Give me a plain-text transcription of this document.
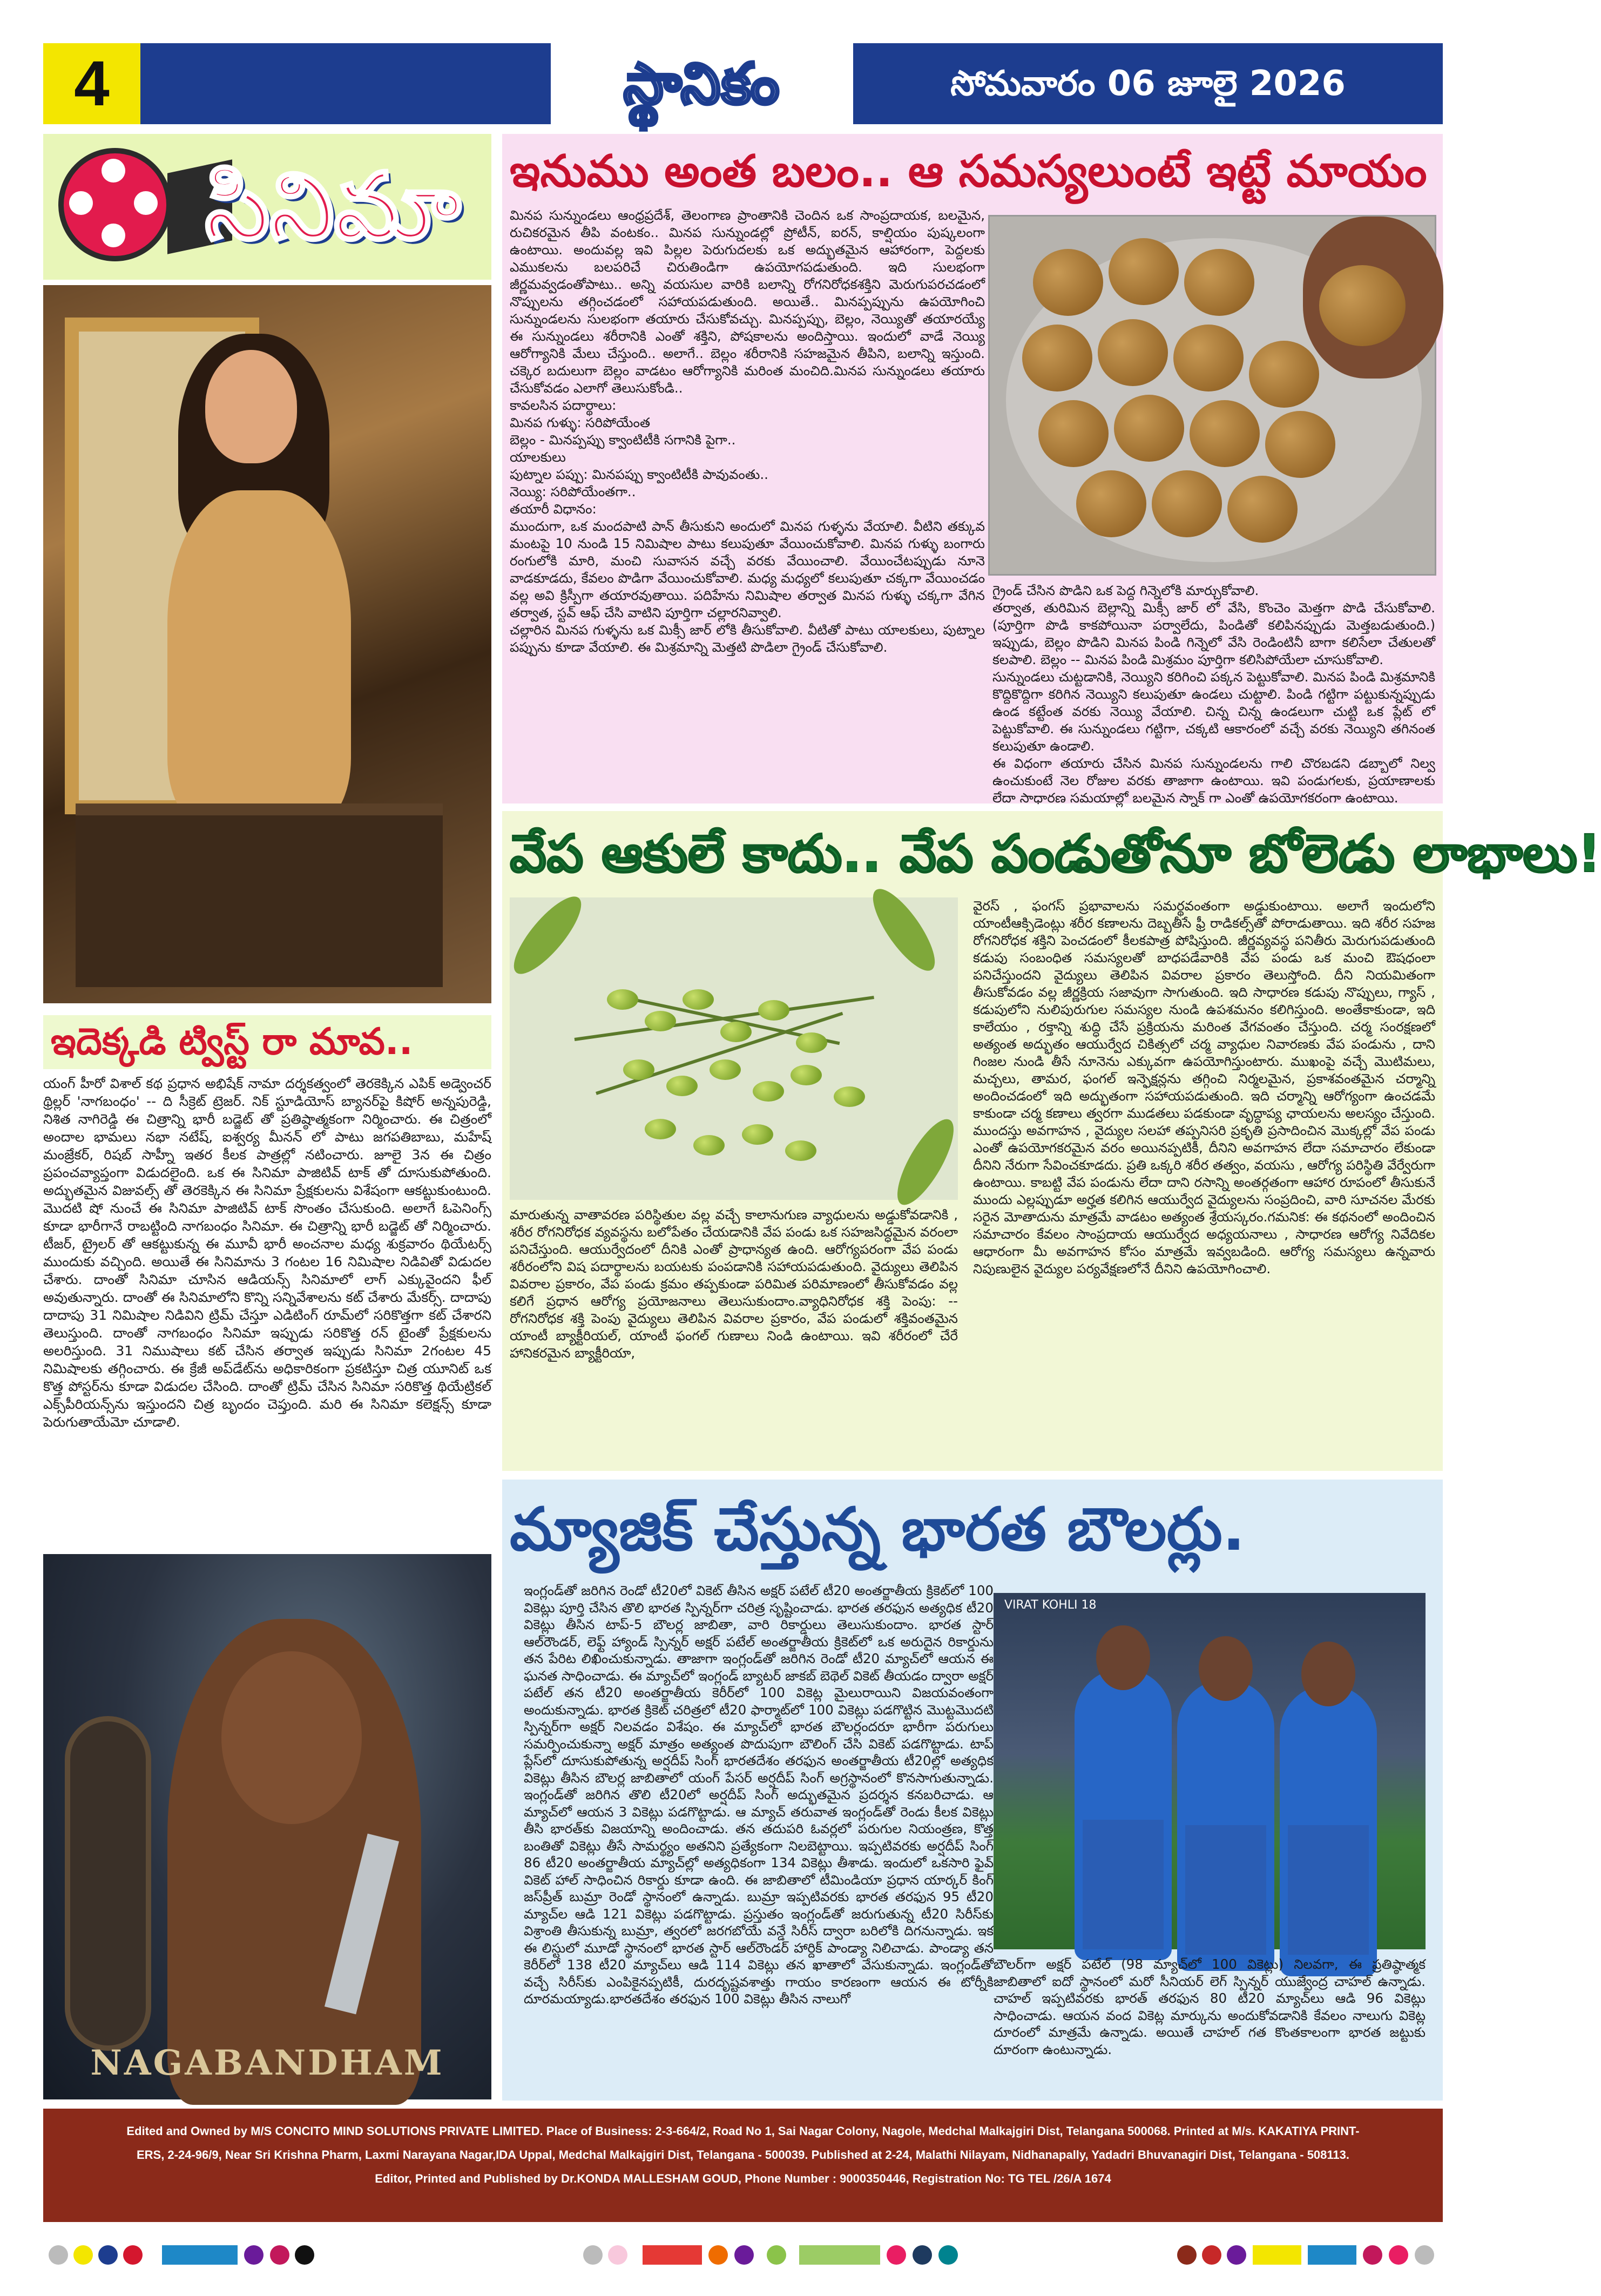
4	స్థానికం	సోమవారం 06 జూలై 2026
సినిమా
ఇదెక్కడి ట్విస్ట్ రా మావ..
యంగ్ హీరో విశాల్ కథ ప్రధాన అభిషేక్ నామా దర్శకత్వంలో తెరకెక్కిన ఎపిక్ అడ్వెంచర్ థ్రిల్లర్ 'నాగబంధం' -- ది సీక్రెట్ ట్రెజర్. నిక్ స్టూడియోస్ బ్యానర్‌పై కిషోర్ అన్నపురెడ్డి, నిశిత నాగిరెడ్డి ఈ చిత్రాన్ని భారీ బడ్జెట్ తో ప్రతిష్ఠాత్మకంగా నిర్మించారు. ఈ చిత్రంలో అందాల భామలు నభా నటేష్, ఐశ్వర్య మీనన్ లో పాటు జగపతిబాబు, మహేష్ మంజ్రేకర్, రిషబ్ సాహ్నీ ఇతర కీలక పాత్రల్లో నటించారు. జూలై 3న ఈ చిత్రం ప్రపంచవ్యాప్తంగా విడుదలైంది. ఒక ఈ సినిమా పాజిటివ్ టాక్ తో దూసుకుపోతుంది. అద్భుతమైన విజువల్స్ తో తెరకెక్కిన ఈ సినిమా ప్రేక్షకులను విశేషంగా ఆకట్టుకుంటుంది. మొదటి షో నుంచే ఈ సినిమా పాజిటివ్ టాక్ సొంతం చేసుకుంది. అలాగే ఓపెనింగ్స్ కూడా భారీగానే రాబట్టింది నాగబంధం సినిమా. ఈ చిత్రాన్ని భారీ బడ్జెట్ తో నిర్మించారు. టీజర్, ట్రైలర్ తో ఆకట్టుకున్న ఈ మూవీ భారీ అంచనాల మధ్య శుక్రవారం థియేటర్స్ ముందుకు వచ్చింది. అయితే ఈ సినిమాను 3 గంటల 16 నిమిషాల నిడివితో విడుదల చేశారు. దాంతో సినిమా చూసిన ఆడియన్స్ సినిమాలో లాగ్ ఎక్కువైందని ఫీల్ అవుతున్నారు. దాంతో ఈ సినిమాలోని కొన్ని సన్నివేశాలను కట్ చేశారు మేకర్స్. దాదాపు దాదాపు 31 నిమిషాల నిడివిని ట్రిమ్ చేస్తూ ఎడిటింగ్ రూమ్‌లో సరికొత్తగా కట్ చేశారని తెలుస్తుంది. దాంతో నాగబంధం సినిమా ఇప్పుడు సరికొత్త రన్ టైంతో ప్రేక్షకులను అలరిస్తుంది. 31 నిముషాలు కట్ చేసిన తర్వాత ఇప్పుడు సినిమా 2గంటల 45 నిమిషాలకు తగ్గించారు. ఈ క్రేజీ అప్‌డేట్‌ను అధికారికంగా ప్రకటిస్తూ చిత్ర యూనిట్ ఒక కొత్త పోస్టర్‌ను కూడా విడుదల చేసింది. దాంతో ట్రిమ్ చేసిన సినిమా సరికొత్త థియేట్రికల్ ఎక్స్‌పీరియన్స్‌ను ఇస్తుందని చిత్ర బృందం చెప్తుంది. మరి ఈ సినిమా కలెక్షన్స్ కూడా పెరుగుతాయేమో చూడాలి.
NAGABANDHAM
ఇనుము అంత బలం.. ఆ సమస్యలుంటే ఇట్టే మాయం
మినప సున్నుండలు ఆంధ్రప్రదేశ్, తెలంగాణ ప్రాంతానికి చెందిన ఒక సాంప్రదాయక, బలమైన, రుచికరమైన తీపి వంటకం.. మినప సున్నుండల్లో ప్రోటీన్, ఐరన్, కాల్షియం పుష్కలంగా ఉంటాయి. అందువల్ల ఇవి పిల్లల పెరుగుదలకు ఒక అద్భుతమైన ఆహారంగా, పెద్దలకు ఎముకలను బలపరిచే చిరుతిండిగా ఉపయోగపడుతుంది. ఇది సులభంగా జీర్ణమవ్వడంతోపాటు.. అన్ని వయసుల వారికి బలాన్ని రోగనిరోధకశక్తిని మెరుగుపరచడంలో నొప్పులను తగ్గించడంలో సహాయపడుతుంది. అయితే.. మినప్పప్పును ఉపయోగించి సున్నుండలను సులభంగా తయారు చేసుకోవచ్చు. మినప్పప్పు, బెల్లం, నెయ్యితో తయారయ్యే ఈ సున్నుండలు శరీరానికి ఎంతో శక్తిని, పోషకాలను అందిస్తాయి. ఇందులో వాడే నెయ్యి ఆరోగ్యానికి మేలు చేస్తుంది.. అలాగే.. బెల్లం శరీరానికి సహజమైన తీపిని, బలాన్ని ఇస్తుంది. చక్కెర బదులుగా బెల్లం వాడటం ఆరోగ్యానికి మరింత మంచిది.మినప సున్నుండలు తయారు చేసుకోవడం ఎలాగో తెలుసుకోండి..
కావలసిన పదార్థాలు:
మినప గుళ్ళు: సరిపోయేంత
బెల్లం - మినప్పప్పు క్వాంటిటీకి సగానికి పైగా..
యాలకులు
పుట్నాల పప్పు: మినపప్పు క్వాంటిటీకి పావువంతు..
నెయ్యి: సరిపోయేంతగా..
తయారీ విధానం:
ముందుగా, ఒక మందపాటి పాన్ తీసుకుని అందులో మినప గుళ్ళను వేయాలి. వీటిని తక్కువ మంటపై 10 నుండి 15 నిమిషాల పాటు కలుపుతూ వేయించుకోవాలి. మినప గుళ్ళు బంగారు రంగులోకి మారి, మంచి సువాసన వచ్చే వరకు వేయించాలి. వేయించేటప్పుడు నూనె వాడకూడదు, కేవలం పొడిగా వేయించుకోవాలి. మధ్య మధ్యలో కలుపుతూ చక్కగా వేయించడం వల్ల అవి క్రిస్పీగా తయారవుతాయి. పదిహేను నిమిషాల తర్వాత మినప గుళ్ళు చక్కగా వేగిన తర్వాత, స్టవ్ ఆఫ్ చేసి వాటిని పూర్తిగా చల్లారనివ్వాలి.
చల్లారిన మినప గుళ్ళను ఒక మిక్సీ జార్ లోకి తీసుకోవాలి. వీటితో పాటు యాలకులు, పుట్నాల పప్పును కూడా వేయాలి. ఈ మిశ్రమాన్ని మెత్తటి పొడిలా గ్రైండ్ చేసుకోవాలి.
గ్రైండ్ చేసిన పొడిని ఒక పెద్ద గిన్నెలోకి మార్చుకోవాలి.
తర్వాత, తురిమిన బెల్లాన్ని మిక్సీ జార్ లో వేసి, కొంచెం మెత్తగా పొడి చేసుకోవాలి. (పూర్తిగా పొడి కాకపోయినా పర్వాలేదు, పిండితో కలిపినప్పుడు మెత్తబడుతుంది.) ఇప్పుడు, బెల్లం పొడిని మినప పిండి గిన్నెలో వేసి రెండింటినీ బాగా కలిసేలా చేతులతో కలపాలి. బెల్లం -- మినప పిండి మిశ్రమం పూర్తిగా కలిసిపోయేలా చూసుకోవాలి.
సున్నుండలు చుట్టడానికి, నెయ్యిని కరిగించి పక్కన పెట్టుకోవాలి. మినప పిండి మిశ్రమానికి కొద్దికొద్దిగా కరిగిన నెయ్యిని కలుపుతూ ఉండలు చుట్టాలి. పిండి గట్టిగా పట్టుకున్నప్పుడు ఉండ కట్టేంత వరకు నెయ్యి వేయాలి. చిన్న చిన్న ఉండలుగా చుట్టి ఒక ప్లేట్ లో పెట్టుకోవాలి. ఈ సున్నుండలు గట్టిగా, చక్కటి ఆకారంలో వచ్చే వరకు నెయ్యిని తగినంత కలుపుతూ ఉండాలి.
ఈ విధంగా తయారు చేసిన మినప సున్నుండలను గాలి చొరబడని డబ్బాలో నిల్వ ఉంచుకుంటే నెల రోజుల వరకు తాజాగా ఉంటాయి. ఇవి పండుగలకు, ప్రయాణాలకు లేదా సాధారణ సమయాల్లో బలమైన స్నాక్ గా ఎంతో ఉపయోగకరంగా ఉంటాయి.
వేప ఆకులే కాదు.. వేప పండుతోనూ బోలెడు లాభాలు!
మారుతున్న వాతావరణ పరిస్థితుల వల్ల వచ్చే కాలానుగుణ వ్యాధులను అడ్డుకోవడానికి , శరీర రోగనిరోధక వ్యవస్థను బలోపేతం చేయడానికి వేప పండు ఒక సహజసిద్ధమైన వరంలా పనిచేస్తుంది. ఆయుర్వేదంలో దీనికి ఎంతో ప్రాధాన్యత ఉంది. ఆరోగ్యపరంగా వేప పండు శరీరంలోని విష పదార్థాలను బయటకు పంపడానికి సహాయపడుతుంది. వైద్యులు తెలిపిన వివరాల ప్రకారం, వేప పండు క్రమం తప్పకుండా పరిమిత పరిమాణంలో తీసుకోవడం వల్ల కలిగే ప్రధాన ఆరోగ్య ప్రయోజనాలు తెలుసుకుందాం.వ్యాధినిరోధక శక్తి పెంపు: -- రోగనిరోధక శక్తి పెంపు వైద్యులు తెలిపిన వివరాల ప్రకారం, వేప పండులో శక్తివంతమైన యాంటీ బ్యాక్టీరియల్, యాంటీ ఫంగల్ గుణాలు నిండి ఉంటాయి. ఇవి శరీరంలో చేరే హానికరమైన బ్యాక్టీరియా,
వైరస్ , ఫంగస్ ప్రభావాలను సమర్థవంతంగా అడ్డుకుంటాయి. అలాగే ఇందులోని యాంటీఆక్సిడెంట్లు శరీర కణాలను దెబ్బతీసే ఫ్రీ రాడికల్స్‌తో పోరాడుతాయి. ఇది శరీర సహజ రోగనిరోధక శక్తిని పెంచడంలో కీలకపాత్ర పోషిస్తుంది. జీర్ణవ్యవస్థ పనితీరు మెరుగుపడుతుంది కడుపు సంబంధిత సమస్యలతో బాధపడేవారికి వేప పండు ఒక మంచి ఔషధంలా పనిచేస్తుందని వైద్యులు తెలిపిన వివరాల ప్రకారం తెలుస్తోంది. దీని నియమితంగా తీసుకోవడం వల్ల జీర్ణక్రియ సజావుగా సాగుతుంది. ఇది సాధారణ కడుపు నొప్పులు, గ్యాస్ , కడుపులోని నులిపురుగుల సమస్యల నుండి ఉపశమనం కలిగిస్తుంది. అంతేకాకుండా, ఇది కాలేయం , రక్తాన్ని శుద్ధి చేసే ప్రక్రియను మరింత వేగవంతం చేస్తుంది. చర్మ సంరక్షణలో అత్యంత అద్భుతం ఆయుర్వేద చికిత్సలో చర్మ వ్యాధుల నివారణకు వేప పండును , దాని గింజల నుండి తీసే నూనెను ఎక్కువగా ఉపయోగిస్తుంటారు. ముఖంపై వచ్చే మొటిమలు, మచ్చలు, తామర, ఫంగల్ ఇన్ఫెక్షన్లను తగ్గించి నిర్మలమైన, ప్రకాశవంతమైన చర్మాన్ని అందించడంలో ఇది అద్భుతంగా సహాయపడుతుంది. ఇది చర్మాన్ని ఆరోగ్యంగా ఉంచడమే కాకుండా చర్మ కణాలు త్వరగా ముడతలు పడకుండా వృద్ధాప్య ఛాయలను అలస్యం చేస్తుంది. ముందస్తు అవగాహన , వైద్యుల సలహా తప్పనిసరి ప్రకృతి ప్రసాదించిన మొక్కల్లో వేప పండు ఎంతో ఉపయోగకరమైన వరం అయినప్పటికీ, దీనిని అవగాహన లేదా సమాచారం లేకుండా దీనిని నేరుగా సేవించకూడదు. ప్రతి ఒక్కరి శరీర తత్వం, వయసు , ఆరోగ్య పరిస్థితి వేర్వేరుగా ఉంటాయి. కాబట్టి వేప పండును లేదా దాని రసాన్ని అంతర్గతంగా ఆహార రూపంలో తీసుకునే ముందు ఎల్లప్పుడూ అర్హత కలిగిన ఆయుర్వేద వైద్యులను సంప్రదించి, వారి సూచనల మేరకు సరైన మోతాదును మాత్రమే వాడటం అత్యంత శ్రేయస్కరం.గమనిక: ఈ కథనంలో అందించిన సమాచారం కేవలం సాంప్రదాయ ఆయుర్వేద అధ్యయనాలు , సాధారణ ఆరోగ్య నివేదికల ఆధారంగా మీ అవగాహన కోసం మాత్రమే ఇవ్వబడింది. ఆరోగ్య సమస్యలు ఉన్నవారు నిపుణులైన వైద్యుల పర్యవేక్షణలోనే దీనిని ఉపయోగించాలి.
మ్యాజిక్ చేస్తున్న భారత బౌలర్లు.
ఇంగ్లండ్‌తో జరిగిన రెండో టీ20లో వికెట్ తీసిన అక్షర్ పటేల్ టీ20 అంతర్జాతీయ క్రికెట్‌లో 100 వికెట్లు పూర్తి చేసిన తొలి భారత స్పిన్నర్‌గా చరిత్ర సృష్టించాడు. భారత తరఫున అత్యధిక టీ20 వికెట్లు తీసిన టాప్-5 బౌలర్ల జాబితా, వారి రికార్డులు తెలుసుకుందాం. భారత స్టార్ ఆల్‌రౌండర్, లెఫ్ట్ హ్యాండ్ స్పిన్నర్ అక్షర్ పటేల్ అంతర్జాతీయ క్రికెట్‌లో ఒక అరుదైన రికార్డును తన పేరిట లిఖించుకున్నాడు. తాజాగా ఇంగ్లండ్‌తో జరిగిన రెండో టీ20 మ్యాచ్‌లో ఆయన ఈ ఘనత సాధించాడు. ఈ మ్యాచ్‌లో ఇంగ్లండ్ బ్యాటర్ జాకబ్ బెథెల్ వికెట్ తీయడం ద్వారా అక్షర్ పటేల్ తన టీ20 అంతర్జాతీయ కెరీర్‌లో 100 వికెట్ల మైలురాయిని విజయవంతంగా అందుకున్నాడు. భారత క్రికెట్ చరిత్రలో టీ20 ఫార్మాట్‌లో 100 వికెట్లు పడగొట్టిన మొట్టమొదటి స్పిన్నర్‌గా అక్షర్ నిలవడం విశేషం. ఈ మ్యాచ్‌లో భారత బౌలర్లందరూ భారీగా పరుగులు సమర్పించుకున్నా అక్షర్ మాత్రం అత్యంత పొదుపుగా బౌలింగ్ చేసి వికెట్ పడగొట్టాడు. టాప్ ప్లేస్‌లో దూసుకుపోతున్న అర్షదీప్ సింగ్ భారతదేశం తరఫున అంతర్జాతీయ టీ20ల్లో అత్యధిక వికెట్లు తీసిన బౌలర్ల జాబితాలో యంగ్ పేసర్ అర్షదీప్ సింగ్ అగ్రస్థానంలో కొనసాగుతున్నాడు. ఇంగ్లండ్‌తో జరిగిన తొలి టీ20లో అర్షదీప్ సింగ్ అద్భుతమైన ప్రదర్శన కనబరిచాడు. ఆ మ్యాచ్‌లో ఆయన 3 వికెట్లు పడగొట్టాడు. ఆ మ్యాచ్ తరువాత ఇంగ్లండ్‌తో రెండు కీలక వికెట్లు తీసి భారత్‌కు విజయాన్ని అందించాడు. తన తదుపరి ఓవర్లలో పరుగుల నియంత్రణ, కొత్త బంతితో వికెట్లు తీసే సామర్థ్యం అతనిని ప్రత్యేకంగా నిలబెట్టాయి. ఇప్పటివరకు అర్షదీప్ సింగ్ 86 టీ20 అంతర్జాతీయ మ్యాచ్‌ల్లో అత్యధికంగా 134 వికెట్లు తీశాడు. ఇందులో ఒకసారి ఫైవ్ వికెట్ హాల్ సాధించిన రికార్డు కూడా ఉంది. ఈ జాబితాలో టీమిండియా ప్రధాన యార్కర్ కింగ్ జస్‌ప్రీత్ బుమ్రా రెండో స్థానంలో ఉన్నాడు. బుమ్రా ఇప్పటివరకు భారత తరఫున 95 టీ20 మ్యాచ్‌ల ఆడి 121 వికెట్లు పడగొట్టాడు. ప్రస్తుతం ఇంగ్లండ్‌తో జరుగుతున్న టీ20 సిరీస్‌కు విశ్రాంతి తీసుకున్న బుమ్రా, త్వరలో జరగబోయే వన్డే సిరీస్ ద్వారా బరిలోకి దిగనున్నాడు. ఇక ఈ లిస్టులో మూడో స్థానంలో భారత స్టార్ ఆల్‌రౌండర్ హార్దిక్ పాండ్యా నిలిచాడు. పాండ్యా తన కెరీర్‌లో 138 టీ20 మ్యాచ్‌లు ఆడి 114 వికెట్లు తన ఖాతాలో వేసుకున్నాడు. ఇంగ్లండ్‌తో వచ్చే సిరీస్‌కు ఎంపికైనప్పటికీ, దురదృష్టవశాత్తు గాయం కారణంగా ఆయన ఈ టోర్నీకి దూరమయ్యాడు.భారతదేశం తరఫున 100 వికెట్లు తీసిన నాలుగో
VIRAT KOHLI 18
బౌలర్‌గా అక్షర్ పటేల్ (98 మ్యాచ్‌లో 100 వికెట్లు) నిలవగా, ఈ ప్రతిష్ఠాత్మక జాబితాలో ఐదో స్థానంలో మరో సీనియర్ లెగ్ స్పిన్నర్ యుజ్వేంద్ర చాహల్ ఉన్నాడు. చాహల్ ఇప్పటివరకు భారత్ తరఫున 80 టీ20 మ్యాచ్‌లు ఆడి 96 వికెట్లు సాధించాడు. ఆయన వంద వికెట్ల మార్కును అందుకోవడానికి కేవలం నాలుగు వికెట్ల దూరంలో మాత్రమే ఉన్నాడు. అయితే చాహల్ గత కొంతకాలంగా భారత జట్టుకు దూరంగా ఉంటున్నాడు.
Edited and Owned by M/S CONCITO MIND SOLUTIONS PRIVATE LIMITED. Place of Business: 2-3-664/2, Road No 1, Sai Nagar Colony, Nagole, Medchal Malkajgiri Dist, Telangana 500068. Printed at M/s. KAKATIYA PRINT-
ERS, 2-24-96/9, Near Sri Krishna Pharm, Laxmi Narayana Nagar,IDA Uppal, Medchal Malkajgiri Dist, Telangana - 500039. Published at 2-24, Malathi Nilayam, Nidhanapally, Yadadri Bhuvanagiri Dist, Telangana - 508113.
Editor, Printed and Published by Dr.KONDA MALLESHAM GOUD, Phone Number : 9000350446, Registration No: TG TEL /26/A 1674
